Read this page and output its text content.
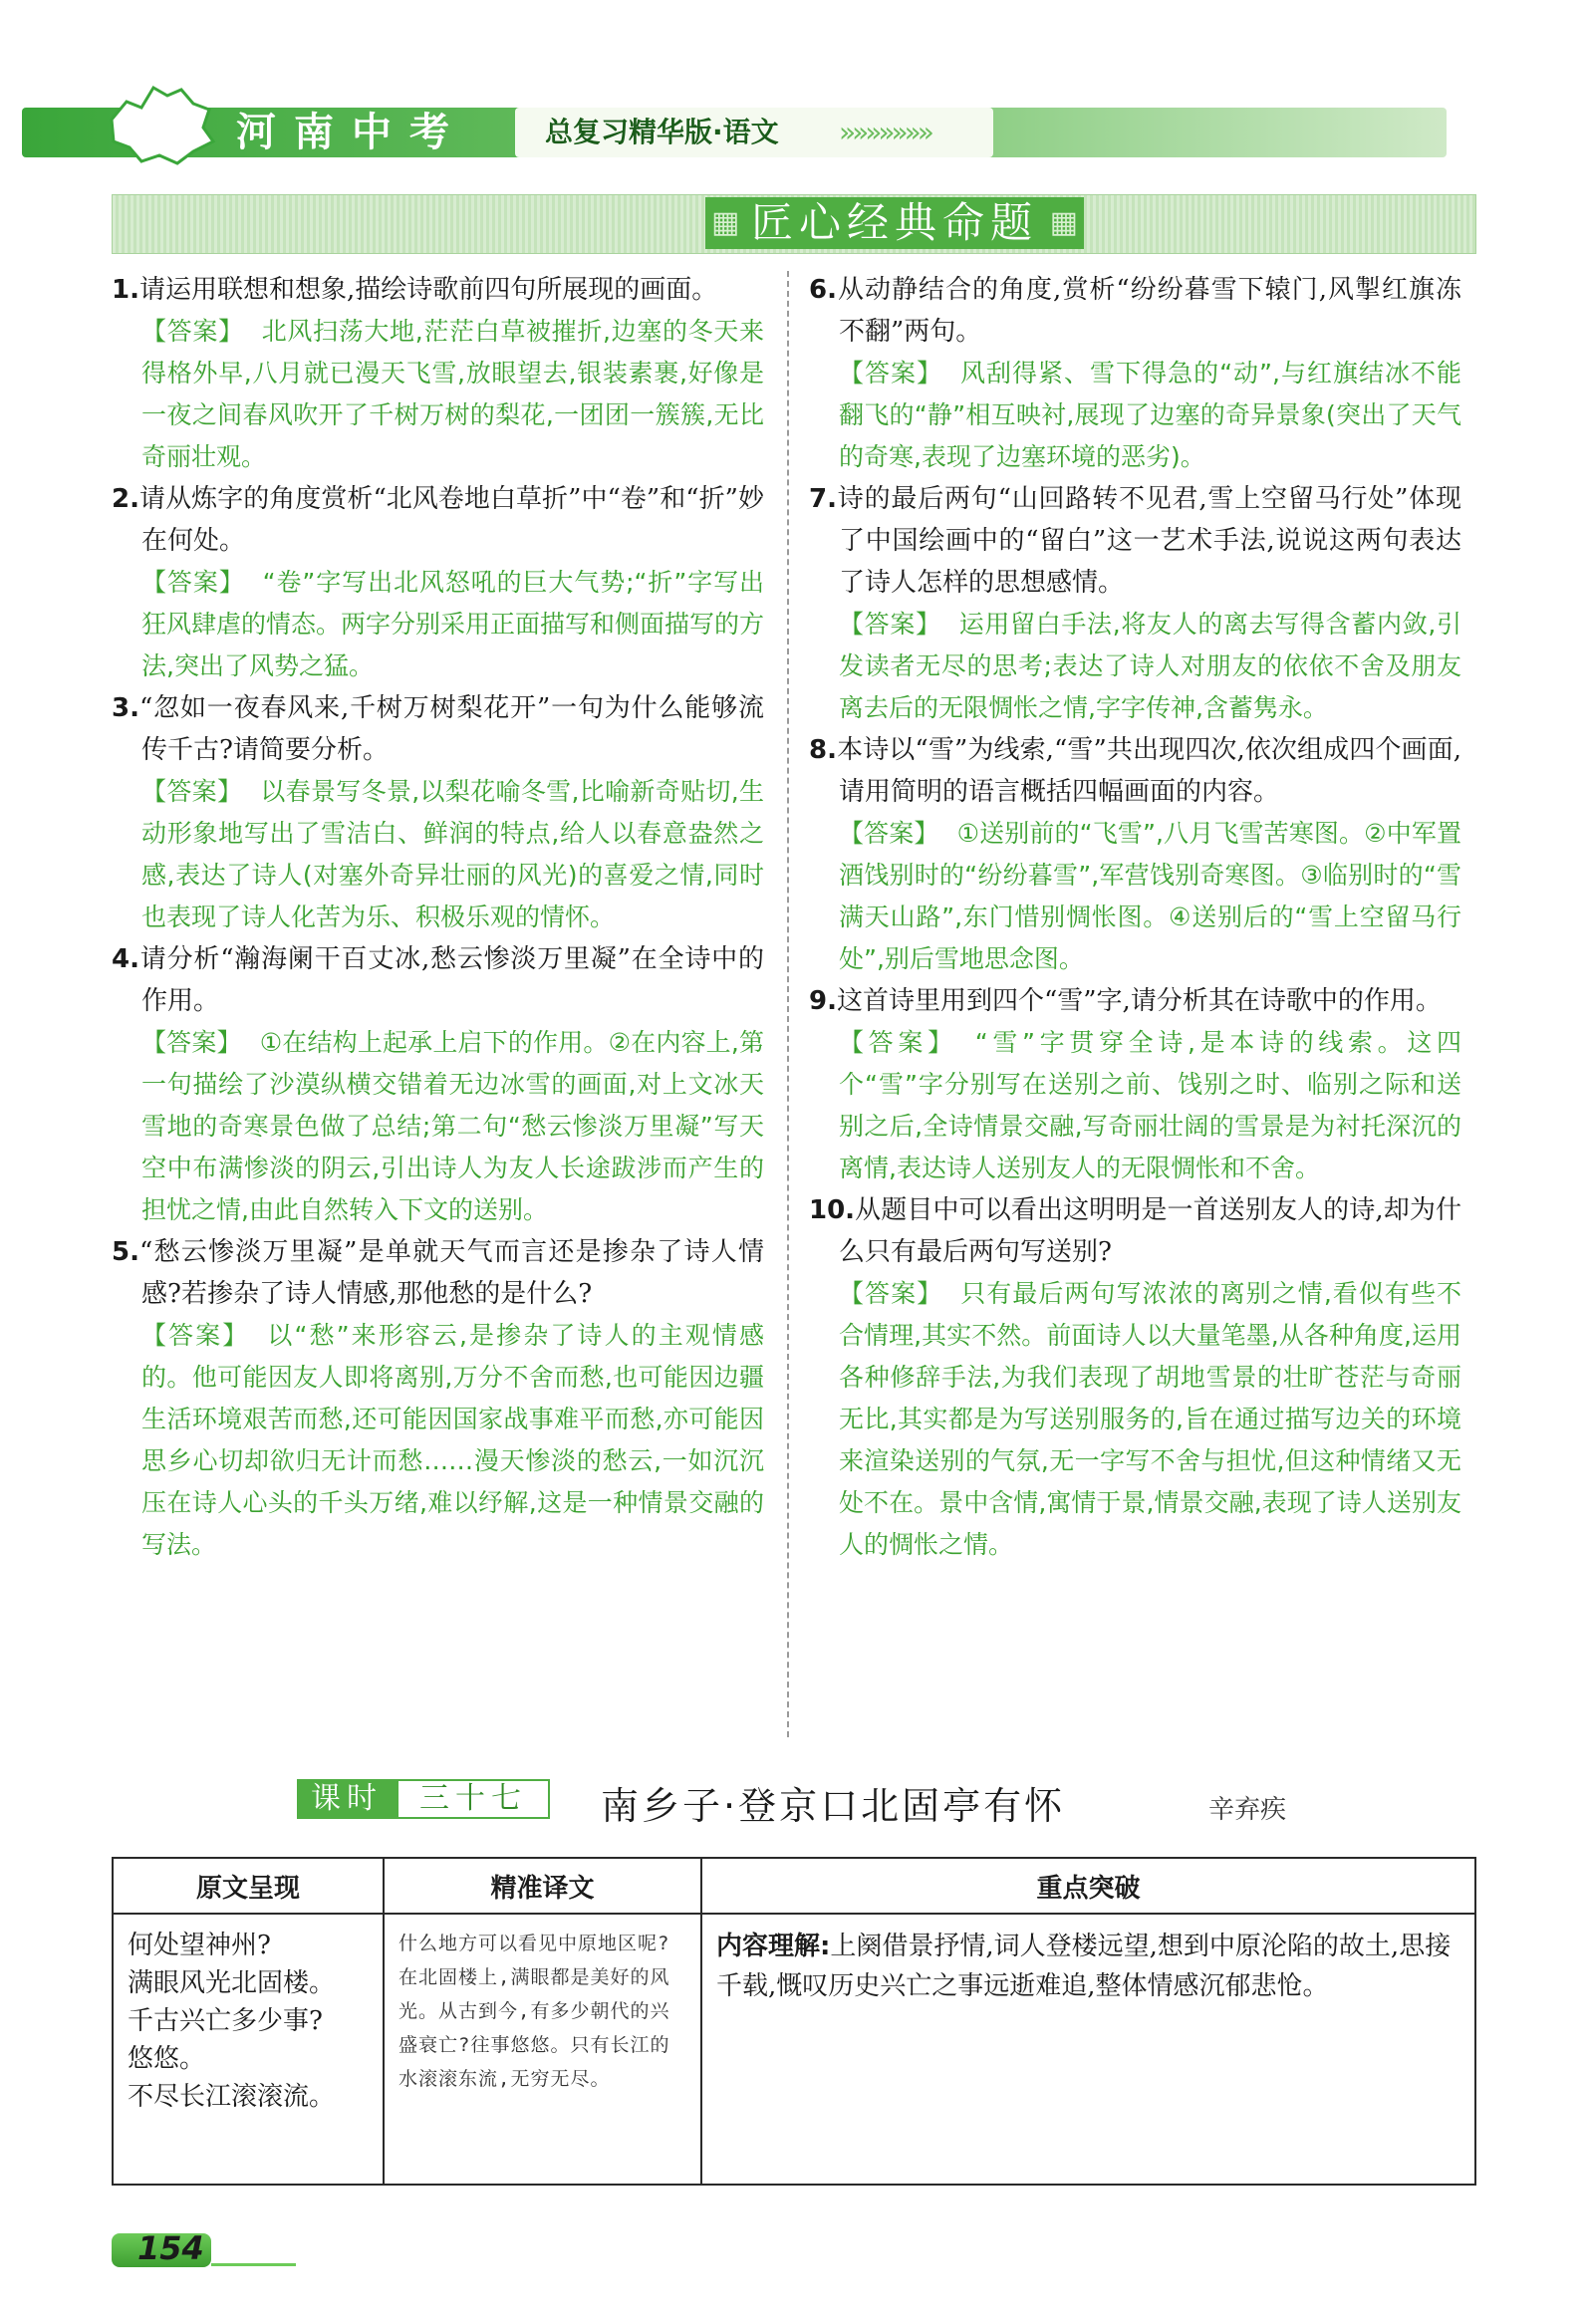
河南中考	总复习精华版·语文	»»»»»»»
▦ 匠心经典命题 ▦

1.请运用联想和想象,描绘诗歌前四句所展现的画面。

【答案】 北风扫荡大地,茫茫白草被摧折,边塞的冬天来得格外早,八月就已漫天飞雪,放眼望去,银装素裹,好像是一夜之间春风吹开了千树万树的梨花,一团团一簇簇,无比奇丽壮观。

2.请从炼字的角度赏析“北风卷地白草折”中“卷”和“折”妙在何处。

【答案】 “卷”字写出北风怒吼的巨大气势;“折”字写出狂风肆虐的情态。两字分别采用正面描写和侧面描写的方法,突出了风势之猛。

3.“忽如一夜春风来,千树万树梨花开”一句为什么能够流传千古?请简要分析。

【答案】 以春景写冬景,以梨花喻冬雪,比喻新奇贴切,生动形象地写出了雪洁白、鲜润的特点,给人以春意盎然之感,表达了诗人(对塞外奇异壮丽的风光)的喜爱之情,同时也表现了诗人化苦为乐、积极乐观的情怀。

4.请分析“瀚海阑干百丈冰,愁云惨淡万里凝”在全诗中的作用。

【答案】 ①在结构上起承上启下的作用。②在内容上,第一句描绘了沙漠纵横交错着无边冰雪的画面,对上文冰天雪地的奇寒景色做了总结;第二句“愁云惨淡万里凝”写天空中布满惨淡的阴云,引出诗人为友人长途跋涉而产生的担忧之情,由此自然转入下文的送别。

5.“愁云惨淡万里凝”是单就天气而言还是掺杂了诗人情感?若掺杂了诗人情感,那他愁的是什么?

【答案】 以“愁”来形容云,是掺杂了诗人的主观情感的。他可能因友人即将离别,万分不舍而愁,也可能因边疆生活环境艰苦而愁,还可能因国家战事难平而愁,亦可能因思乡心切却欲归无计而愁……漫天惨淡的愁云,一如沉沉压在诗人心头的千头万绪,难以纾解,这是一种情景交融的写法。

6.从动静结合的角度,赏析“纷纷暮雪下辕门,风掣红旗冻不翻”两句。

【答案】 风刮得紧、雪下得急的“动”,与红旗结冰不能翻飞的“静”相互映衬,展现了边塞的奇异景象(突出了天气的奇寒,表现了边塞环境的恶劣)。

7.诗的最后两句“山回路转不见君,雪上空留马行处”体现了中国绘画中的“留白”这一艺术手法,说说这两句表达了诗人怎样的思想感情。

【答案】 运用留白手法,将友人的离去写得含蓄内敛,引发读者无尽的思考;表达了诗人对朋友的依依不舍及朋友离去后的无限惆怅之情,字字传神,含蓄隽永。

8.本诗以“雪”为线索,“雪”共出现四次,依次组成四个画面,请用简明的语言概括四幅画面的内容。

【答案】 ①送别前的“飞雪”,八月飞雪苦寒图。②中军置酒饯别时的“纷纷暮雪”,军营饯别奇寒图。③临别时的“雪满天山路”,东门惜别惆怅图。④送别后的“雪上空留马行处”,别后雪地思念图。

9.这首诗里用到四个“雪”字,请分析其在诗歌中的作用。

【答案】 “雪”字贯穿全诗,是本诗的线索。这四个“雪”字分别写在送别之前、饯别之时、临别之际和送别之后,全诗情景交融,写奇丽壮阔的雪景是为衬托深沉的离情,表达诗人送别友人的无限惆怅和不舍。

10.从题目中可以看出这明明是一首送别友人的诗,却为什么只有最后两句写送别?

【答案】 只有最后两句写浓浓的离别之情,看似有些不合情理,其实不然。前面诗人以大量笔墨,从各种角度,运用各种修辞手法,为我们表现了胡地雪景的壮旷苍茫与奇丽无比,其实都是为写送别服务的,旨在通过描写边关的环境来渲染送别的气氛,无一字写不舍与担忧,但这种情绪又无处不在。景中含情,寓情于景,情景交融,表现了诗人送别友人的惆怅之情。

课时	三十七	南乡子·登京口北固亭有怀	辛弃疾
原文呈现	精准译文	重点突破

何处望神州?
满眼风光北固楼。
千古兴亡多少事?
悠悠。
不尽长江滚滚流。	什么地方可以看见中原地区呢?在北固楼上,满眼都是美好的风光。从古到今,有多少朝代的兴盛衰亡?往事悠悠。只有长江的水滚滚东流,无穷无尽。	内容理解:上阕借景抒情,词人登楼远望,想到中原沦陷的故土,思接千载,慨叹历史兴亡之事远逝难追,整体情感沉郁悲怆。
154
